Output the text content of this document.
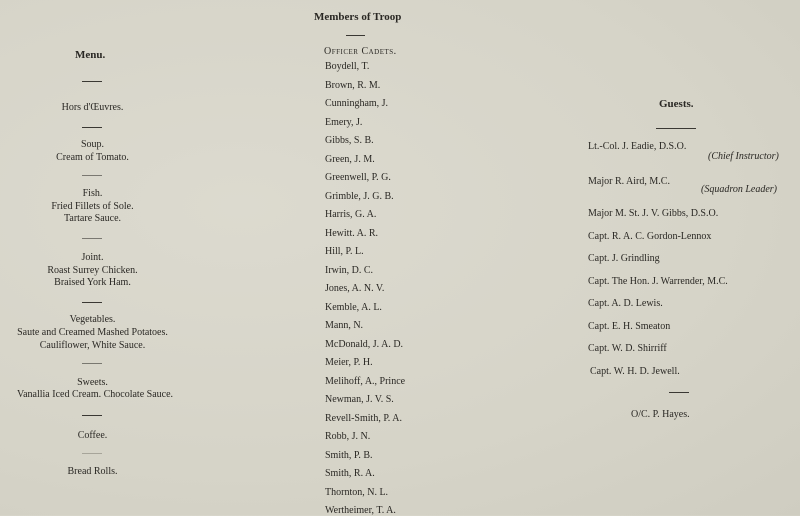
Menu.
Hors d'Œuvres.
Soup.
Cream of Tomato.
Fish.
Fried Fillets of Sole.
Tartare Sauce.
Joint.
Roast Surrey Chicken.
Braised York Ham.
Vegetables.
Saute and Creamed Mashed Potatoes.
Cauliflower, White Sauce.
Sweets.
Vanallia Iced Cream. Chocolate Sauce.
Coffee.
Bread Rolls.
Members of Troop
Officer Cadets.
Boydell, T.
Brown, R. M.
Cunningham, J.
Emery, J.
Gibbs, S. B.
Green, J. M.
Greenwell, P. G.
Grimble, J. G. B.
Harris, G. A.
Hewitt. A. R.
Hill, P. L.
Irwin, D. C.
Jones, A. N. V.
Kemble, A. L.
Mann, N.
McDonald, J. A. D.
Meier, P. H.
Melihoff, A., Prince
Newman, J. V. S.
Revell-Smith, P. A.
Robb, J. N.
Smith, P. B.
Smith, R. A.
Thornton, N. L.
Wertheimer, T. A.
Guests.
Lt.-Col. J. Eadie, D.S.O.
(Chief Instructor)
Major R. Aird, M.C.
(Squadron Leader)
Major M. St. J. V. Gibbs, D.S.O.
Capt. R. A. C. Gordon-Lennox
Capt. J. Grindling
Capt. The Hon. J. Warrender, M.C.
Capt. A. D. Lewis.
Capt. E. H. Smeaton
Capt. W. D. Shirriff
Capt. W. H. D. Jewell.
O/C. P. Hayes.
